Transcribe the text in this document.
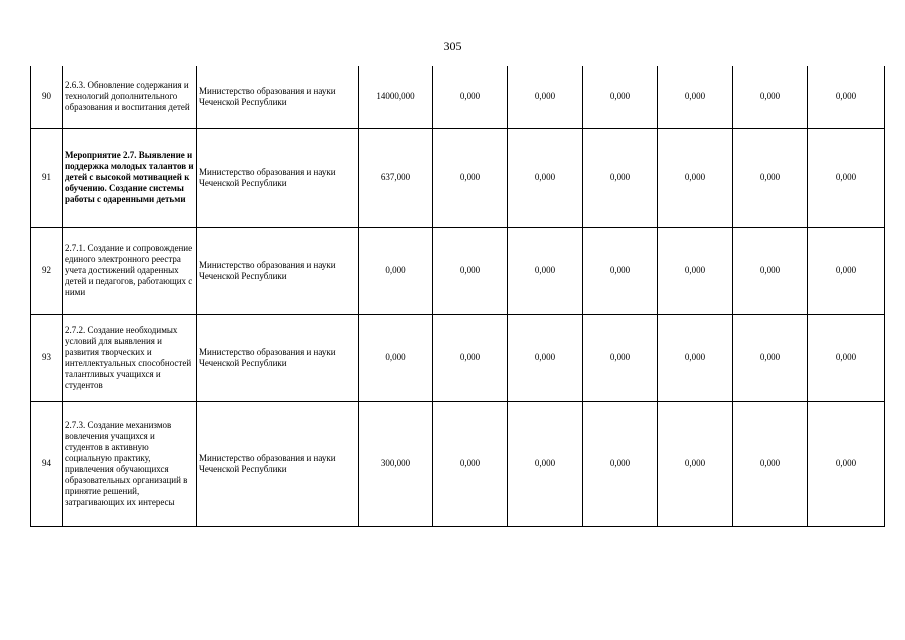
305
90	2.6.3. Обновление содержания и технологий дополнительного образования и воспитания детей	Министерство образования и науки Чеченской Республики	14000,000	0,000	0,000	0,000	0,000	0,000	0,000
91	Мероприятие 2.7. Выявление и поддержка молодых талантов и детей с высокой мотивацией к обучению. Создание системы работы с одаренными детьми	Министерство образования и науки Чеченской Республики	637,000	0,000	0,000	0,000	0,000	0,000	0,000
92	2.7.1. Создание и сопровождение единого электронного реестра учета достижений одаренных детей и педагогов, работающих с ними	Министерство образования и науки Чеченской Республики	0,000	0,000	0,000	0,000	0,000	0,000	0,000
93	2.7.2. Создание необходимых условий для выявления и развития творческих и интеллектуальных способностей талантливых учащихся и студентов	Министерство образования и науки Чеченской Республики	0,000	0,000	0,000	0,000	0,000	0,000	0,000
94	2.7.3. Создание механизмов вовлечения учащихся и студентов в активную социальную практику, привлечения обучающихся образовательных организаций в принятие решений, затрагивающих их интересы	Министерство образования и науки Чеченской Республики	300,000	0,000	0,000	0,000	0,000	0,000	0,000
